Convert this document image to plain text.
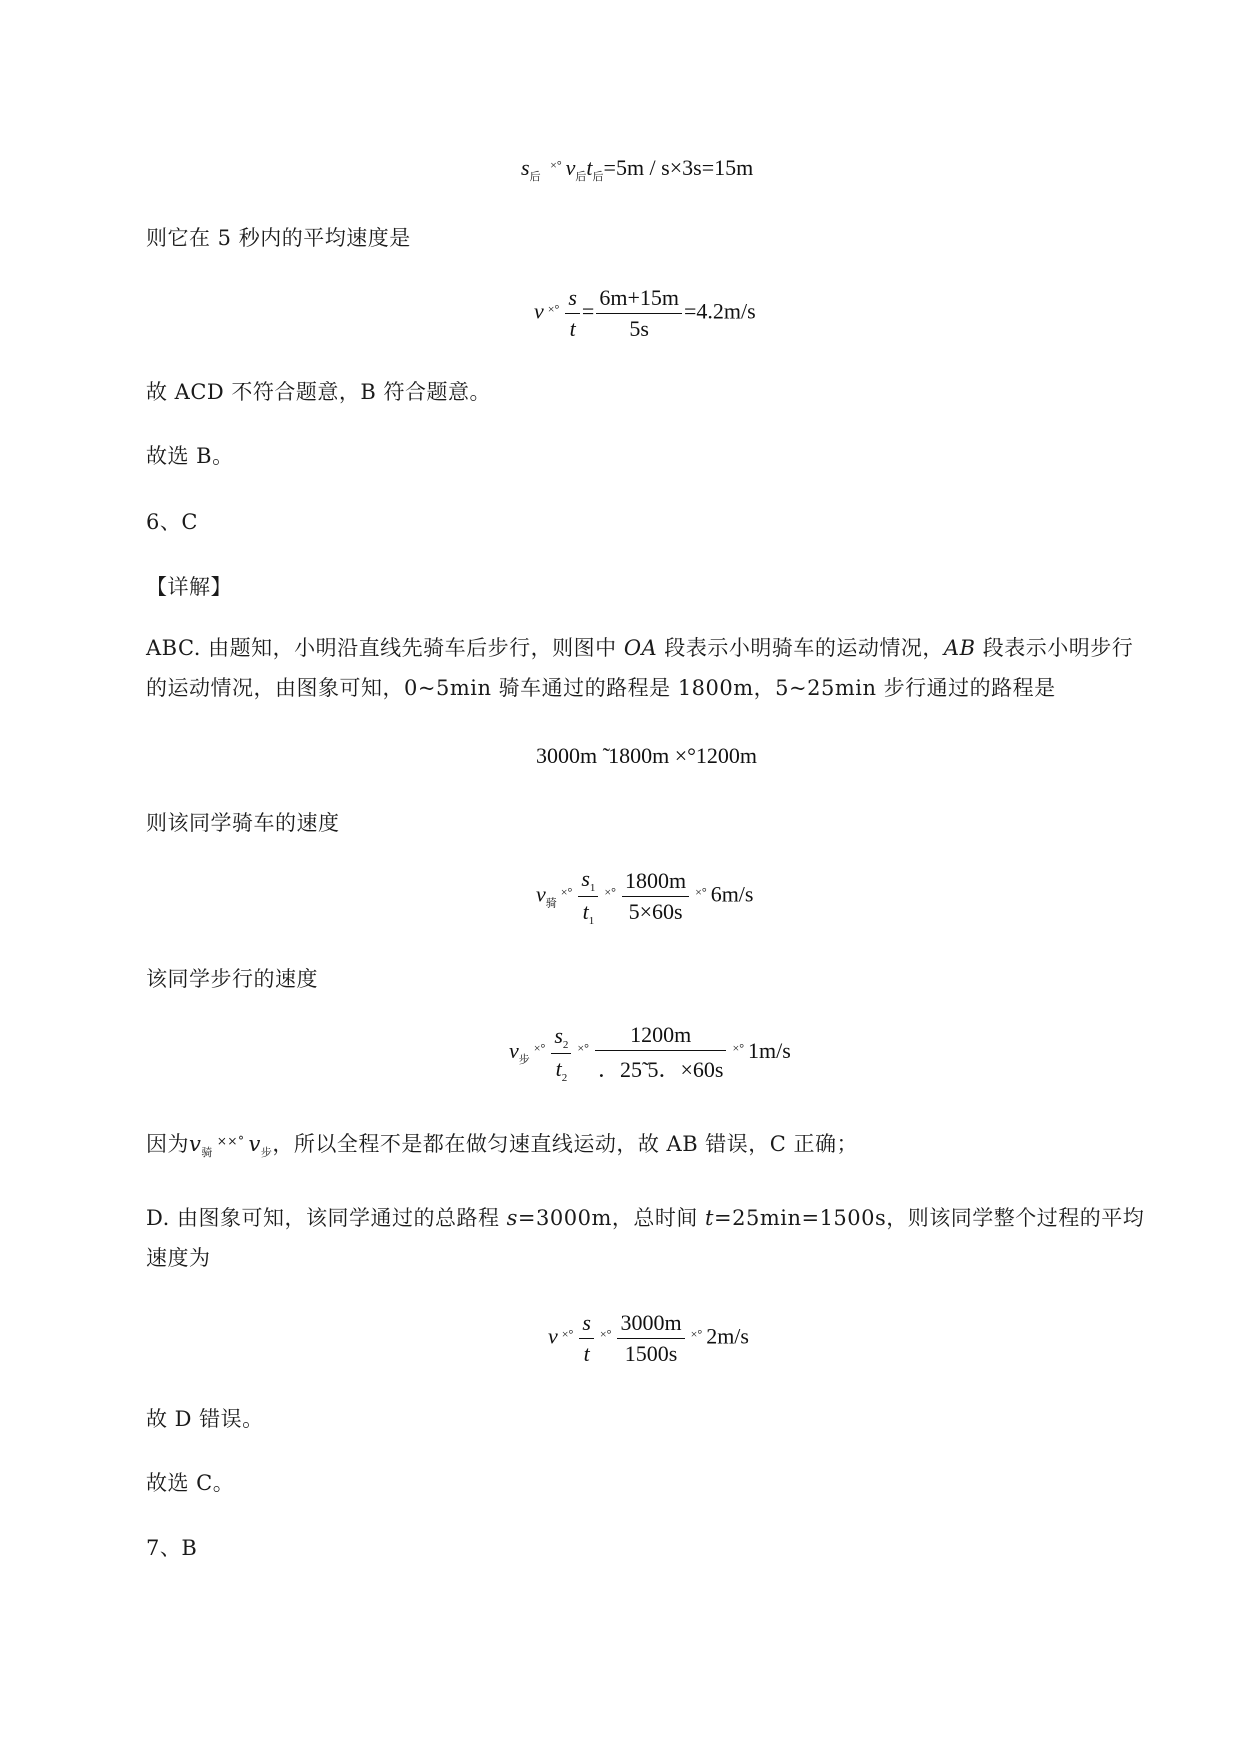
$s_后$ ×° $v_后t_后=5m / s\times 3s=15m$
则它在 5 秒内的平均速度是
v $^{\times^\circ} \frac{s}{t} = \frac{6m+15m}{5s} =4.2m/s$
故 ACD 不符合题意，B 符合题意。
故选 B。
6、C
【详解】
ABC. 由题知，小明沿直线先骑车后步行，则图中 OA 段表示小明骑车的运动情况，AB 段表示小明步行的运动情况，由图象可知，0~5min 骑车通过的路程是 1800m，5~25min 步行通过的路程是
3000m ̃ 1800m ×°1200m
则该同学骑车的速度
$v_骑^{\times^\circ} \frac{s_1}{t_1} ^{\times^\circ} \frac{1800m}{5\times 60s} ^{\times^\circ}$ 6m/s
该同学步行的速度
$v_步^{\times^\circ} \frac{s_2}{t_2} ^{\times^\circ} \frac{1200m}{.25̃ 5.\times 60s} ^{\times^\circ}$ 1m/s
因为$v_骑^{\times\times^\circ}$ $v_步$，所以全程不是都在做匀速直线运动，故 AB 错误，C 正确；
D. 由图象可知，该同学通过的总路程 s=3000m，总时间 t=25min=1500s，则该同学整个过程的平均速度为
v $^{\times^\circ} \frac{s}{t} ^{\times^\circ} \frac{3000m}{1500s} ^{\times^\circ}$ 2m/s
故 D 错误。
故选 C。
7、B
